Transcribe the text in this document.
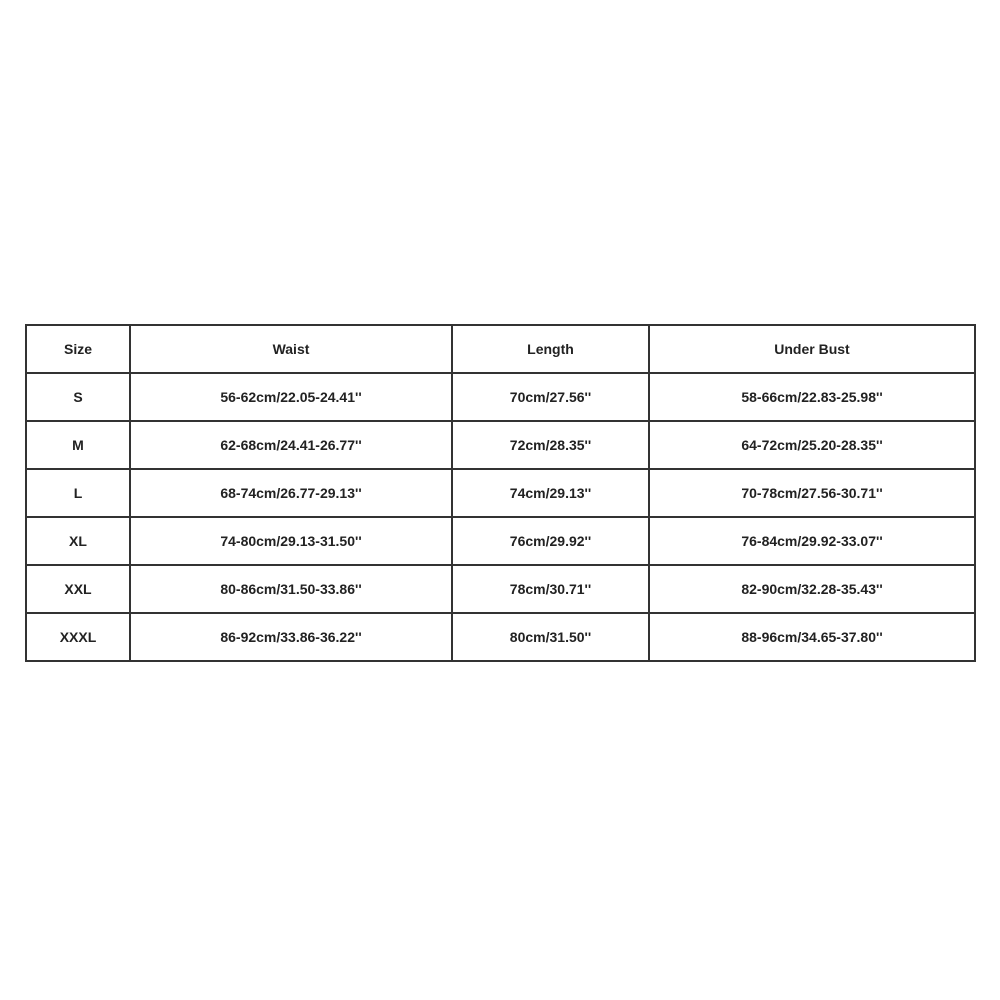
Size	Waist	Length	Under Bust
S	56-62cm/22.05-24.41''	70cm/27.56''	58-66cm/22.83-25.98''
M	62-68cm/24.41-26.77''	72cm/28.35''	64-72cm/25.20-28.35''
L	68-74cm/26.77-29.13''	74cm/29.13''	70-78cm/27.56-30.71''
XL	74-80cm/29.13-31.50''	76cm/29.92''	76-84cm/29.92-33.07''
XXL	80-86cm/31.50-33.86''	78cm/30.71''	82-90cm/32.28-35.43''
XXXL	86-92cm/33.86-36.22''	80cm/31.50''	88-96cm/34.65-37.80''
